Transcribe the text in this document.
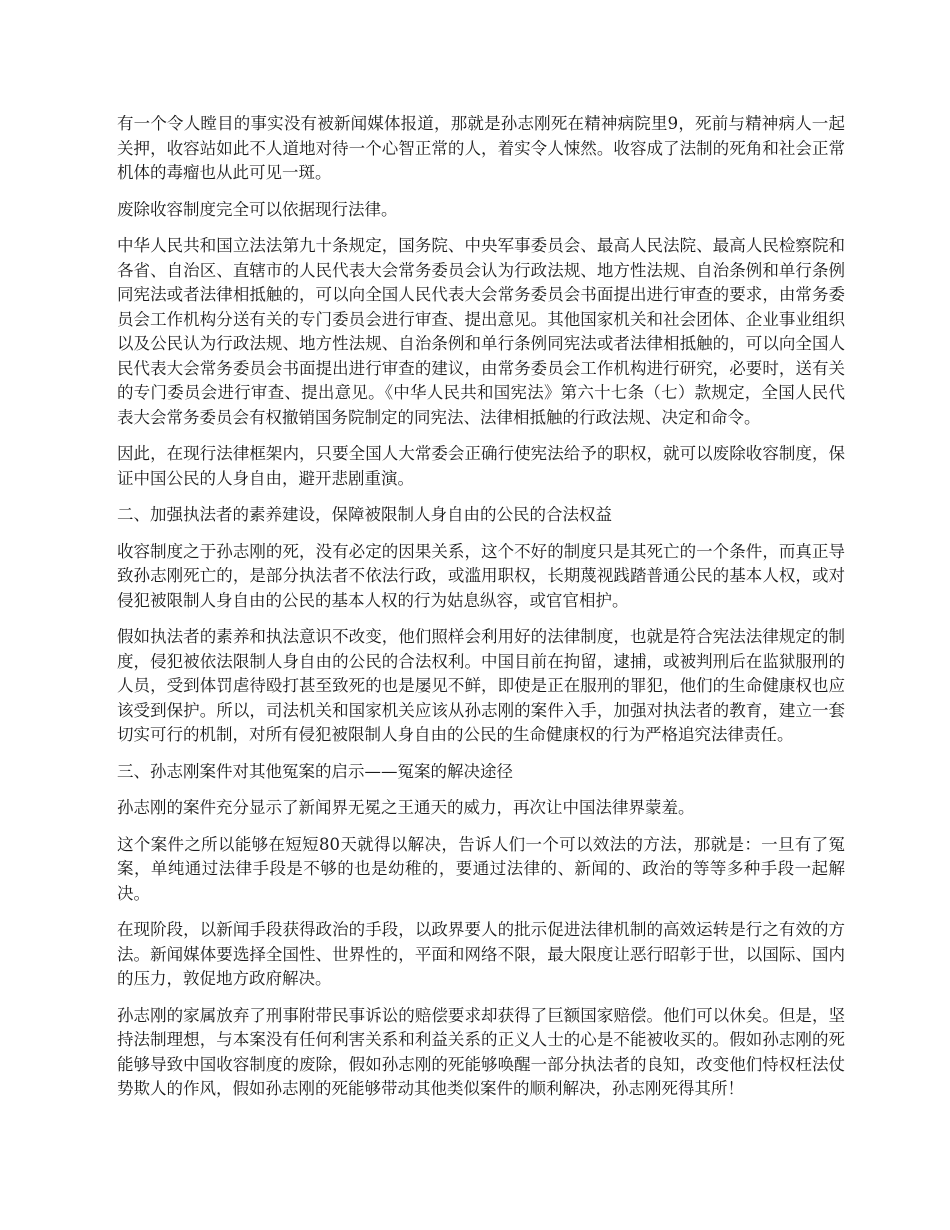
有一个令人瞠目的事实没有被新闻媒体报道，那就是孙志刚死在精神病院里9，死前与精神病人一起关押，收容站如此不人道地对待一个心智正常的人，着实令人悚然。收容成了法制的死角和社会正常机体的毒瘤也从此可见一斑。

废除收容制度完全可以依据现行法律。

中华人民共和国立法法第九十条规定，国务院、中央军事委员会、最高人民法院、最高人民检察院和各省、自治区、直辖市的人民代表大会常务委员会认为行政法规、地方性法规、自治条例和单行条例同宪法或者法律相抵触的，可以向全国人民代表大会常务委员会书面提出进行审查的要求，由常务委员会工作机构分送有关的专门委员会进行审查、提出意见。其他国家机关和社会团体、企业事业组织以及公民认为行政法规、地方性法规、自治条例和单行条例同宪法或者法律相抵触的，可以向全国人民代表大会常务委员会书面提出进行审查的建议，由常务委员会工作机构进行研究，必要时，送有关的专门委员会进行审查、提出意见。《中华人民共和国宪法》第六十七条（七）款规定，全国人民代表大会常务委员会有权撤销国务院制定的同宪法、法律相抵触的行政法规、决定和命令。

因此，在现行法律框架内，只要全国人大常委会正确行使宪法给予的职权，就可以废除收容制度，保证中国公民的人身自由，避开悲剧重演。

二、加强执法者的素养建设，保障被限制人身自由的公民的合法权益

收容制度之于孙志刚的死，没有必定的因果关系，这个不好的制度只是其死亡的一个条件，而真正导致孙志刚死亡的，是部分执法者不依法行政，或滥用职权，长期蔑视践踏普通公民的基本人权，或对侵犯被限制人身自由的公民的基本人权的行为姑息纵容，或官官相护。

假如执法者的素养和执法意识不改变，他们照样会利用好的法律制度，也就是符合宪法法律规定的制度，侵犯被依法限制人身自由的公民的合法权利。中国目前在拘留，逮捕，或被判刑后在监狱服刑的人员，受到体罚虐待殴打甚至致死的也是屡见不鲜，即使是正在服刑的罪犯，他们的生命健康权也应该受到保护。所以，司法机关和国家机关应该从孙志刚的案件入手，加强对执法者的教育，建立一套切实可行的机制，对所有侵犯被限制人身自由的公民的生命健康权的行为严格追究法律责任。

三、孙志刚案件对其他冤案的启示——冤案的解决途径

孙志刚的案件充分显示了新闻界无冕之王通天的威力，再次让中国法律界蒙羞。

这个案件之所以能够在短短80天就得以解决，告诉人们一个可以效法的方法，那就是：一旦有了冤案，单纯通过法律手段是不够的也是幼稚的，要通过法律的、新闻的、政治的等等多种手段一起解决。

在现阶段，以新闻手段获得政治的手段，以政界要人的批示促进法律机制的高效运转是行之有效的方法。新闻媒体要选择全国性、世界性的，平面和网络不限，最大限度让恶行昭彰于世，以国际、国内的压力，敦促地方政府解决。

孙志刚的家属放弃了刑事附带民事诉讼的赔偿要求却获得了巨额国家赔偿。他们可以休矣。但是，坚持法制理想，与本案没有任何利害关系和利益关系的正义人士的心是不能被收买的。假如孙志刚的死能够导致中国收容制度的废除，假如孙志刚的死能够唤醒一部分执法者的良知，改变他们恃权枉法仗势欺人的作风，假如孙志刚的死能够带动其他类似案件的顺利解决，孙志刚死得其所！
